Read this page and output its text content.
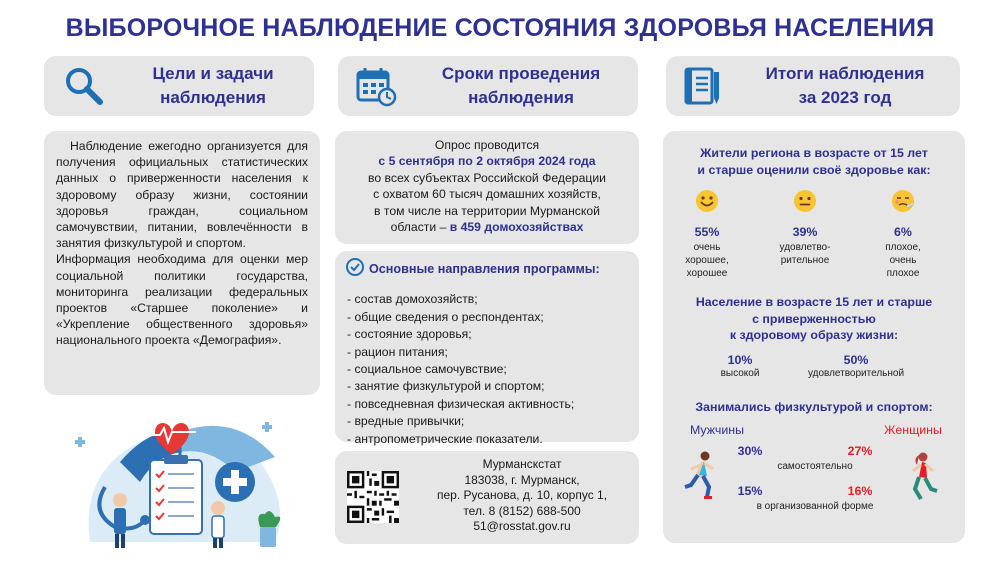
ВЫБОРОЧНОЕ НАБЛЮДЕНИЕ СОСТОЯНИЯ ЗДОРОВЬЯ НАСЕЛЕНИЯ
Цели и задачи
наблюдения
Сроки проведения
наблюдения
Итоги наблюдения
за 2023 год

Наблюдение ежегодно организуется для получения официальных статистических данных о приверженности населения к здоровому образу жизни, состоянии здоровья граждан, социальном самочувствии, питании, вовлечённости в занятия физкультурой и спортом.

Информация необходима для оценки мер социальной политики государства, мониторинга реализации федеральных проектов «Старшее поколение» и «Укрепление общественного здоровья» национального проекта «Демография».

Опрос проводится
с 5 сентября по 2 октября 2024 года
во всех субъектах Российской Федерации
с охватом 60 тысяч домашних хозяйств,
в том числе на территории Мурманской
области – в 459 домохозяйствах
Основные направления программы:
- состав домохозяйств;
- общие сведения о респондентах;
- состояние здоровья;
- рацион питания;
- социальное самочувствие;
- занятие физкультурой и спортом;
- повседневная физическая активность;
- вредные привычки;
- антропометрические показатели.
Мурманскстат
183038, г. Мурманск,
пер. Русанова, д. 10, корпус 1,
тел. 8 (8152) 688-500
51@rosstat.gov.ru
Жители региона в возрасте от 15 лет
и старше оценили своё здоровье как:
55%
очень
хорошее,
хорошее
39%
удовлетво-
рительное
6%
плохое,
очень
плохое
Население в возрасте 15 лет и старше
с приверженностью
к здоровому образу жизни:
10%
высокой
50%
удовлетворительной
Занимались физкультурой и спортом:
Мужчины	Женщины
30%	27%
самостоятельно
15%	16%
в организованной форме
